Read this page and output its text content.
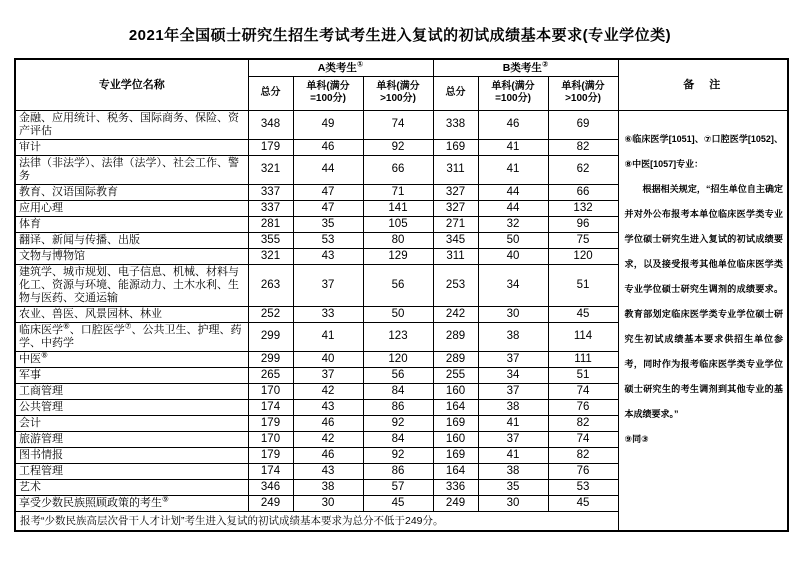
2021年全国硕士研究生招生考试考生进入复试的初试成绩基本要求(专业学位类)
专业学位名称	A类考生①			B类考生②			备　注
	总分	单科(满分=100分)	单科(满分>100分)	总分	单科(满分=100分)	单科(满分>100分)	
金融、应用统计、税务、国际商务、保险、资产评估	348	49	74	338	46	69	⑥临床医学[1051]、⑦口腔医学[1052]、⑧中医[1057]专业：

根据相关规定，“招生单位自主确定并对外公布报考本单位临床医学类专业学位硕士研究生进入复试的初试成绩要求，以及接受报考其他单位临床医学类专业学位硕士研究生调剂的成绩要求。教育部划定临床医学类专业学位硕士研究生初试成绩基本要求供招生单位参考，同时作为报考临床医学类专业学位硕士研究生的考生调剂到其他专业的基本成绩要求。”

⑨同③

审计	179	46	92	169	41	82	
法律（非法学）、法律（法学）、社会工作、警务	321	44	66	311	41	62	
教育、汉语国际教育	337	47	71	327	44	66	
应用心理	337	47	141	327	44	132	
体育	281	35	105	271	32	96	
翻译、新闻与传播、出版	355	53	80	345	50	75	
文物与博物馆	321	43	129	311	40	120	
建筑学、城市规划、电子信息、机械、材料与化工、资源与环境、能源动力、土木水利、生物与医药、交通运输	263	37	56	253	34	51	
农业、兽医、风景园林、林业	252	33	50	242	30	45	
临床医学⑥、口腔医学⑦、公共卫生、护理、药学、中药学	299	41	123	289	38	114	
中医⑧	299	40	120	289	37	111	
军事	265	37	56	255	34	51	
工商管理	170	42	84	160	37	74	
公共管理	174	43	86	164	38	76	
会计	179	46	92	169	41	82	
旅游管理	170	42	84	160	37	74	
图书情报	179	46	92	169	41	82	
工程管理	174	43	86	164	38	76	
艺术	346	38	57	336	35	53	
享受少数民族照顾政策的考生⑨	249	30	45	249	30	45	
报考“少数民族高层次骨干人才计划”考生进入复试的初试成绩基本要求为总分不低于249分。							
